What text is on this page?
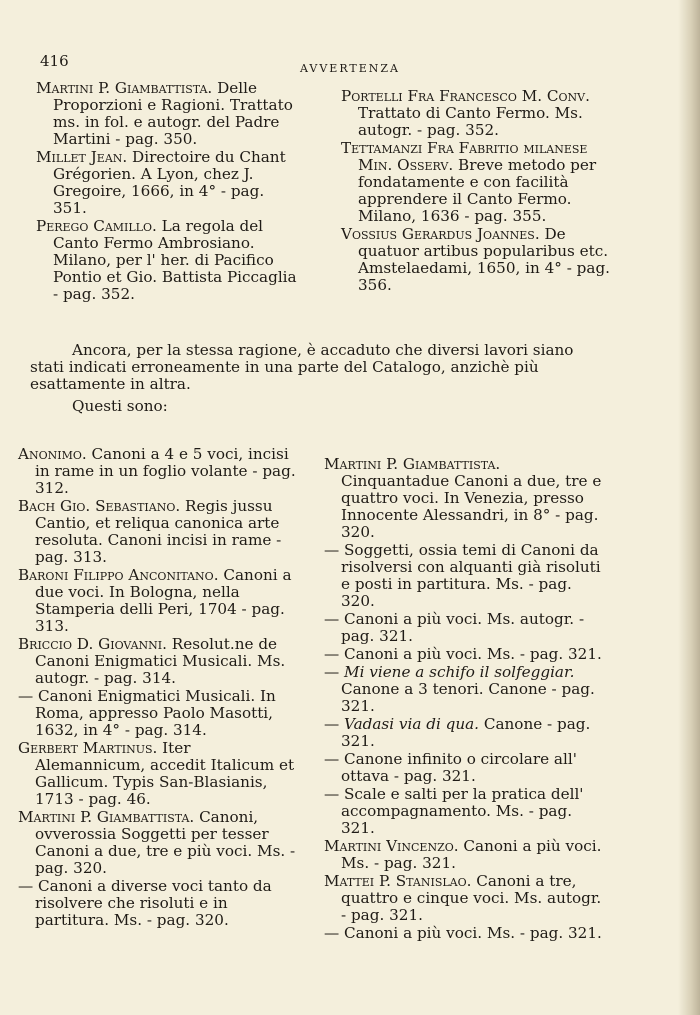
416	AVVERTENZA
Martini P. Giambattista. Delle Proporzioni e Ragioni. Trattato ms. in fol. e autogr. del Padre Martini - pag. 350.
Millet Jean. Directoire du Chant Grégorien. A Lyon, chez J. Gregoire, 1666, in 4° - pag. 351.
Perego Camillo. La regola del Canto Fermo Ambrosiano. Milano, per l' her. di Pacifico Pontio et Gio. Battista Piccaglia - pag. 352.
Portelli Fra Francesco M. Conv. Trattato di Canto Fermo. Ms. autogr. - pag. 352.
Tettamanzi Fra Fabritio milanese Min. Osserv. Breve metodo per fondatamente e con facilità apprendere il Canto Fermo. Milano, 1636 - pag. 355.
Vossius Gerardus Joannes. De quatuor artibus popularibus etc. Amstelaedami, 1650, in 4° - pag. 356.
Ancora, per la stessa ragione, è accaduto che diversi lavori siano stati indicati erroneamente in una parte del Catalogo, anzichè più esattamente in altra.
Questi sono:
Anonimo. Canoni a 4 e 5 voci, incisi in rame in un foglio volante - pag. 312.
Bach Gio. Sebastiano. Regis jussu Cantio, et reliqua canonica arte resoluta. Canoni incisi in rame - pag. 313.
Baroni Filippo Anconitano. Canoni a due voci. In Bologna, nella Stamperia delli Peri, 1704 - pag. 313.
Briccio D. Giovanni. Resolut.ne de Canoni Enigmatici Musicali. Ms. autogr. - pag. 314.
— Canoni Enigmatici Musicali. In Roma, appresso Paolo Masotti, 1632, in 4° - pag. 314.
Gerbert Martinus. Iter Alemannicum, accedit Italicum et Gallicum. Typis San-Blasianis, 1713 - pag. 46.
Martini P. Giambattista. Canoni, ovverossia Soggetti per tesser Canoni a due, tre e più voci. Ms. - pag. 320.
— Canoni a diverse voci tanto da risolvere che risoluti e in partitura. Ms. - pag. 320.
Martini P. Giambattista. Cinquantadue Canoni a due, tre e quattro voci. In Venezia, presso Innocente Alessandri, in 8° - pag. 320.
— Soggetti, ossia temi di Canoni da risolversi con alquanti già risoluti e posti in partitura. Ms. - pag. 320.
— Canoni a più voci. Ms. autogr. - pag. 321.
— Canoni a più voci. Ms. - pag. 321.
— Mi viene a schifo il solfeggiar. Canone a 3 tenori. Canone - pag. 321.
— Vadasi via di qua. Canone - pag. 321.
— Canone infinito o circolare all' ottava - pag. 321.
— Scale e salti per la pratica dell' accompagnamento. Ms. - pag. 321.
Martini Vincenzo. Canoni a più voci. Ms. - pag. 321.
Mattei P. Stanislao. Canoni a tre, quattro e cinque voci. Ms. autogr. - pag. 321.
— Canoni a più voci. Ms. - pag. 321.
